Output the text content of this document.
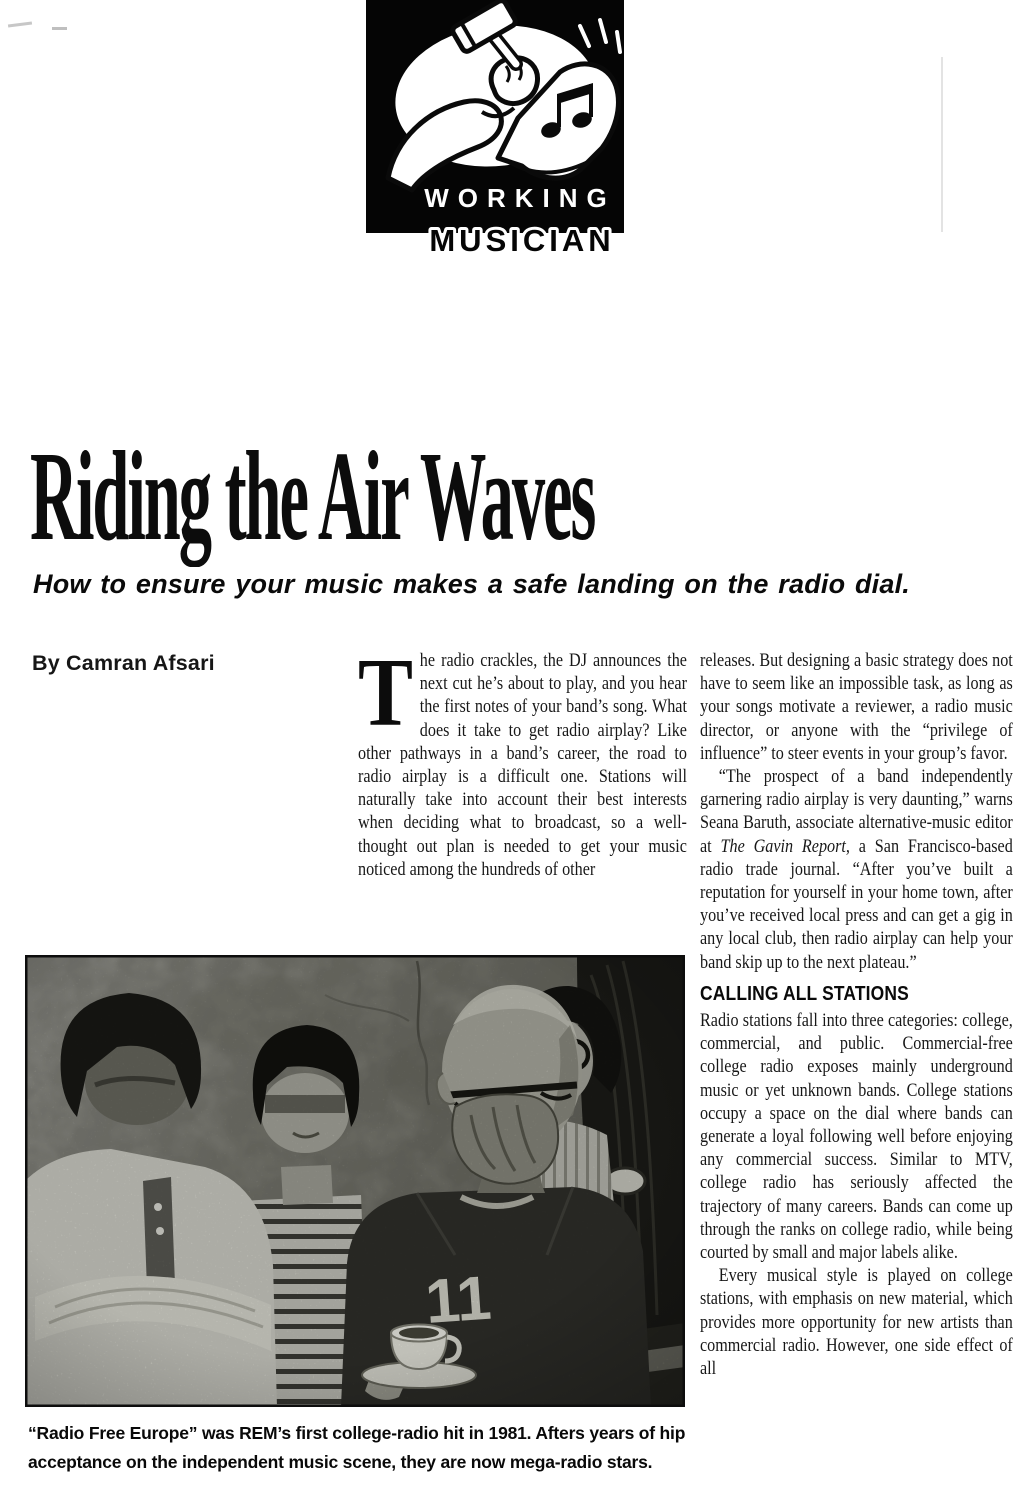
WORKING
MUSICIAN
Riding the Air Waves
How to ensure your music makes a safe landing on the radio dial.
By Camran Afsari The radio crackles, the DJ announces the next cut he’s about to play, and you hear the first notes of your band’s song. What does it take to get radio airplay? Like other pathways in a band’s career, the road to radio airplay is a difficult one. Stations will naturally take into account their best interests when deciding what to broadcast, so a well-thought out plan is needed to get your music noticed among the hundreds of other

releases. But designing a basic strategy does not have to seem like an impossible task, as long as your songs motivate a reviewer, a radio music director, or anyone with the “privilege of influence” to steer events in your group’s favor.

“The prospect of a band independently garnering radio airplay is very daunting,” warns Seana Baruth, associate alternative-music editor at The Gavin Report, a San Francisco-based radio trade journal. “After you’ve built a reputation for yourself in your home town, after you’ve received local press and can get a gig in any local club, then radio airplay can help your band skip up to the next plateau.”

CALLING ALL STATIONS

Radio stations fall into three categories: college, commercial, and public. Commercial-free college radio exposes mainly underground music or yet unknown bands. College stations occupy a space on the dial where bands can generate a loyal following well before enjoying any commercial success. Similar to MTV, college radio has seriously affected the trajectory of many careers. Bands can come up through the ranks on college radio, while being courted by small and major labels alike.

Every musical style is played on college stations, with emphasis on new material, which provides more opportunity for new artists than commercial radio. However, one side effect of all

“Radio Free Europe” was REM’s first college-radio hit in 1981. Afters years of hip acceptance on the independent music scene, they are now mega-radio stars.
